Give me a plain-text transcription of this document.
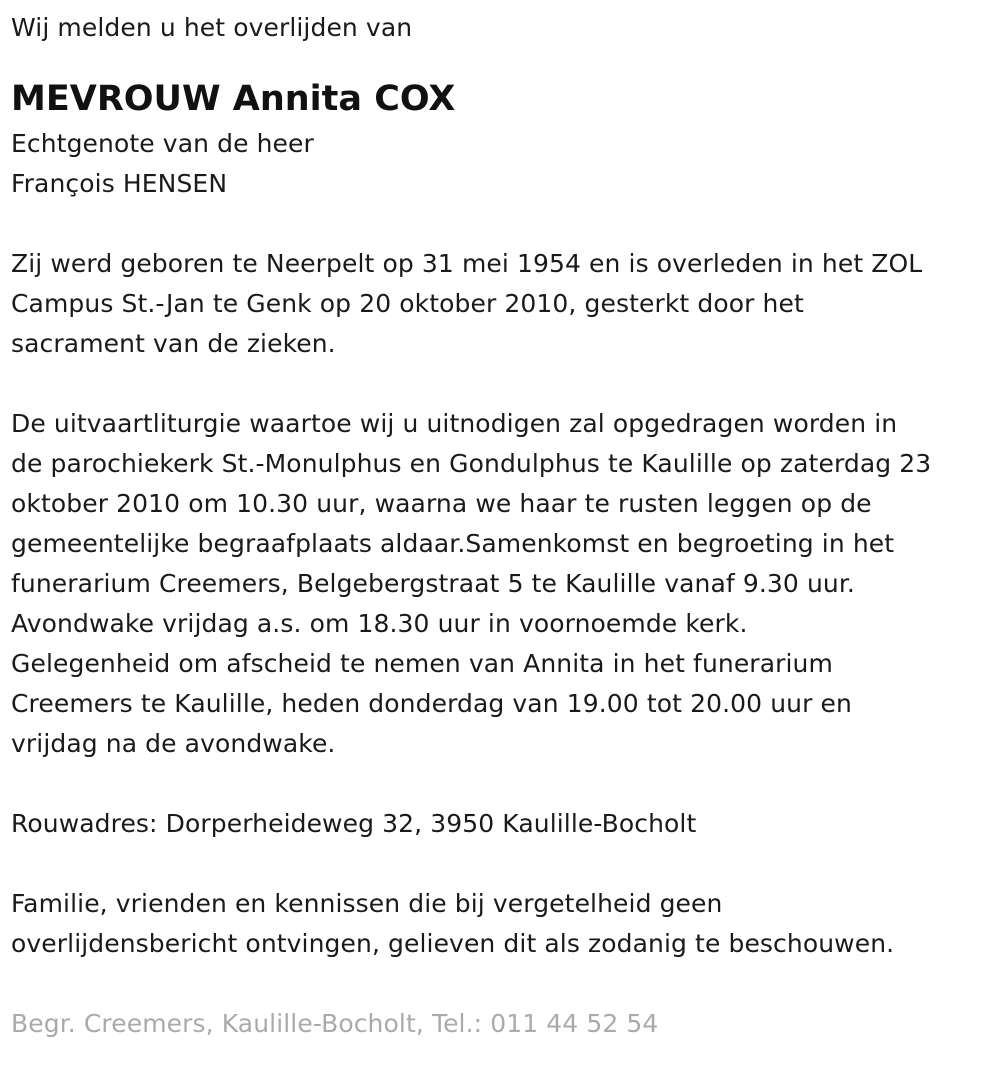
Wij melden u het overlijden van
MEVROUW Annita COX
Echtgenote van de heer
François HENSEN
Zij werd geboren te Neerpelt op 31 mei 1954 en is overleden in het ZOL
Campus St.-Jan te Genk op 20 oktober 2010, gesterkt door het
sacrament van de zieken.
De uitvaartliturgie waartoe wij u uitnodigen zal opgedragen worden in
de parochiekerk St.-Monulphus en Gondulphus te Kaulille op zaterdag 23
oktober 2010 om 10.30 uur, waarna we haar te rusten leggen op de
gemeentelijke begraafplaats aldaar.Samenkomst en begroeting in het
funerarium Creemers, Belgebergstraat 5 te Kaulille vanaf 9.30 uur.
Avondwake vrijdag a.s. om 18.30 uur in voornoemde kerk.
Gelegenheid om afscheid te nemen van Annita in het funerarium
Creemers te Kaulille, heden donderdag van 19.00 tot 20.00 uur en
vrijdag na de avondwake.
Rouwadres: Dorperheideweg 32, 3950 Kaulille-Bocholt
Familie, vrienden en kennissen die bij vergetelheid geen
overlijdensbericht ontvingen, gelieven dit als zodanig te beschouwen.
Begr. Creemers, Kaulille-Bocholt, Tel.: 011 44 52 54
